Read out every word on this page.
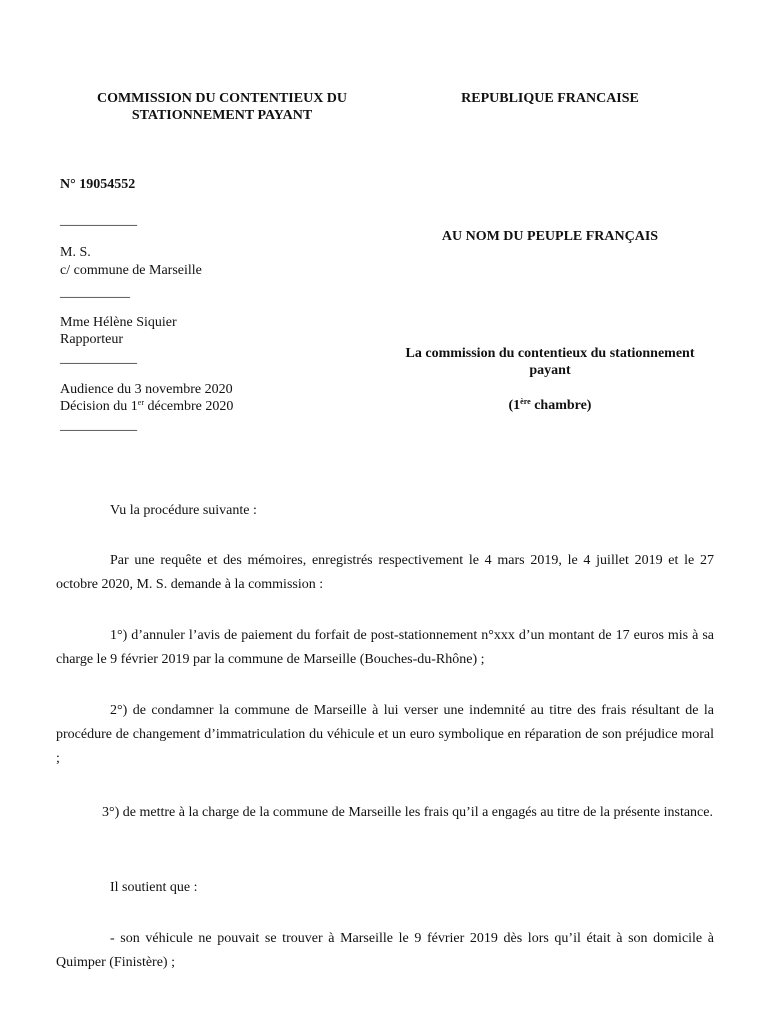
COMMISSION DU CONTENTIEUX DU
STATIONNEMENT PAYANT
REPUBLIQUE FRANCAISE
N° 19054552
___________
M. S.
c/ commune de Marseille
__________
Mme Hélène Siquier
Rapporteur
___________
Audience du 3 novembre 2020
Décision du 1er décembre 2020
___________
AU NOM DU PEUPLE FRANÇAIS
La commission du contentieux du stationnement
payant
(1ère chambre)
Vu la procédure suivante :

Par une requête et des mémoires, enregistrés respectivement le 4 mars 2019, le 4 juillet 2019 et le 27 octobre 2020, M. S. demande à la commission :

1°) d’annuler l’avis de paiement du forfait de post-stationnement n°xxx d’un montant de 17 euros mis à sa charge le 9 février 2019 par la commune de Marseille (Bouches-du-Rhône) ;

2°) de condamner la commune de Marseille à lui verser une indemnité au titre des frais résultant de la procédure de changement d’immatriculation du véhicule et un euro symbolique en réparation de son préjudice moral ;

3°) de mettre à la charge de la commune de Marseille les frais qu’il a engagés au titre de la présente instance.

Il soutient que :

- son véhicule ne pouvait se trouver à Marseille le 9 février 2019 dès lors qu’il était à son domicile à Quimper (Finistère) ;
